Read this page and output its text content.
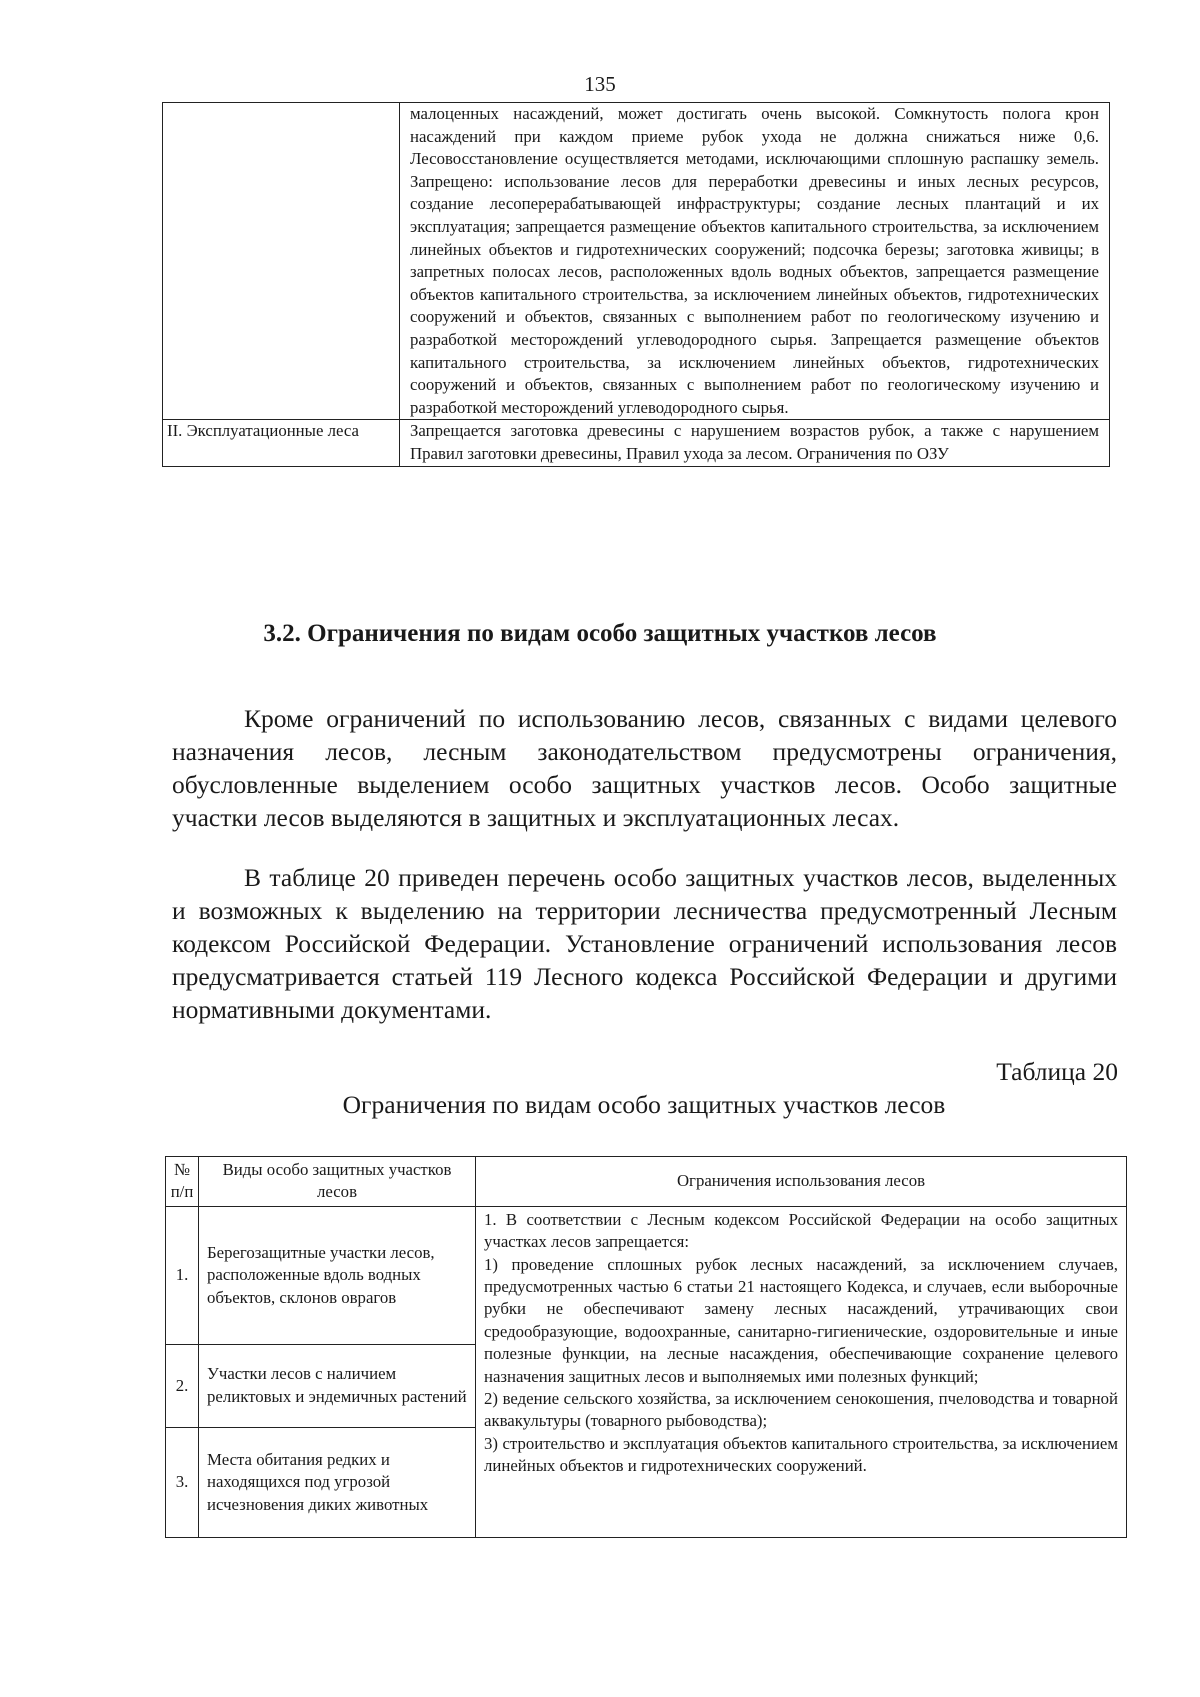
135
	малоценных насаждений, может достигать очень высокой. Сомкнутость полога крон насаждений при каждом приеме рубок ухода не должна снижаться ниже 0,6. Лесовосстановление осуществляется методами, исключающими сплошную распашку земель. Запрещено: использование лесов для переработки древесины и иных лесных ресурсов, создание лесоперерабатывающей инфраструктуры; создание лесных плантаций и их эксплуатация; запрещается размещение объектов капитального строительства, за исключением линейных объектов и гидротехнических сооружений; подсочка березы; заготовка живицы; в запретных полосах лесов, расположенных вдоль водных объектов, запрещается размещение объектов капитального строительства, за исключением линейных объектов, гидротехнических сооружений и объектов, связанных с выполнением работ по геологическому изучению и разработкой месторождений углеводородного сырья. Запрещается размещение объектов капитального строительства, за исключением линейных объектов, гидротехнических сооружений и объектов, связанных с выполнением работ по геологическому изучению и разработкой месторождений углеводородного сырья.
II. Эксплуатационные леса	Запрещается заготовка древесины с нарушением возрастов рубок, а также с нарушением Правил заготовки древесины, Правил ухода за лесом. Ограничения по ОЗУ
3.2. Ограничения по видам особо защитных участков лесов

Кроме ограничений по использованию лесов, связанных с видами целевого назначения лесов, лесным законодательством предусмотрены ограничения, обусловленные выделением особо защитных участков лесов. Особо защитные участки лесов выделяются в защитных и эксплуатационных лесах.

В таблице 20 приведен перечень особо защитных участков лесов, выделенных и возможных к выделению на территории лесничества предусмотренный Лесным кодексом Российской Федерации. Установление ограничений использования лесов предусматривается статьей 119 Лесного кодекса Российской Федерации и другими нормативными документами.

Таблица 20
Ограничения по видам особо защитных участков лесов
№ п/п	Виды особо защитных участков лесов	Ограничения использования лесов
1.	Берегозащитные участки лесов, расположенные вдоль водных объектов, склонов оврагов	1. В соответствии с Лесным кодексом Российской Федерации на особо защитных участках лесов запрещается:
1) проведение сплошных рубок лесных насаждений, за исключением случаев, предусмотренных частью 6 статьи 21 настоящего Кодекса, и случаев, если выборочные рубки не обеспечивают замену лесных насаждений, утрачивающих свои средообразующие, водоохранные, санитарно-гигиенические, оздоровительные и иные полезные функции, на лесные насаждения, обеспечивающие сохранение целевого назначения защитных лесов и выполняемых ими полезных функций;
2) ведение сельского хозяйства, за исключением сенокошения, пчеловодства и товарной аквакультуры (товарного рыбоводства);
3) строительство и эксплуатация объектов капитального строительства, за исключением линейных объектов и гидротехнических сооружений.

2.	Участки лесов с наличием реликтовых и эндемичных растений	
3.	Места обитания редких и находящихся под угрозой исчезновения диких животных	
